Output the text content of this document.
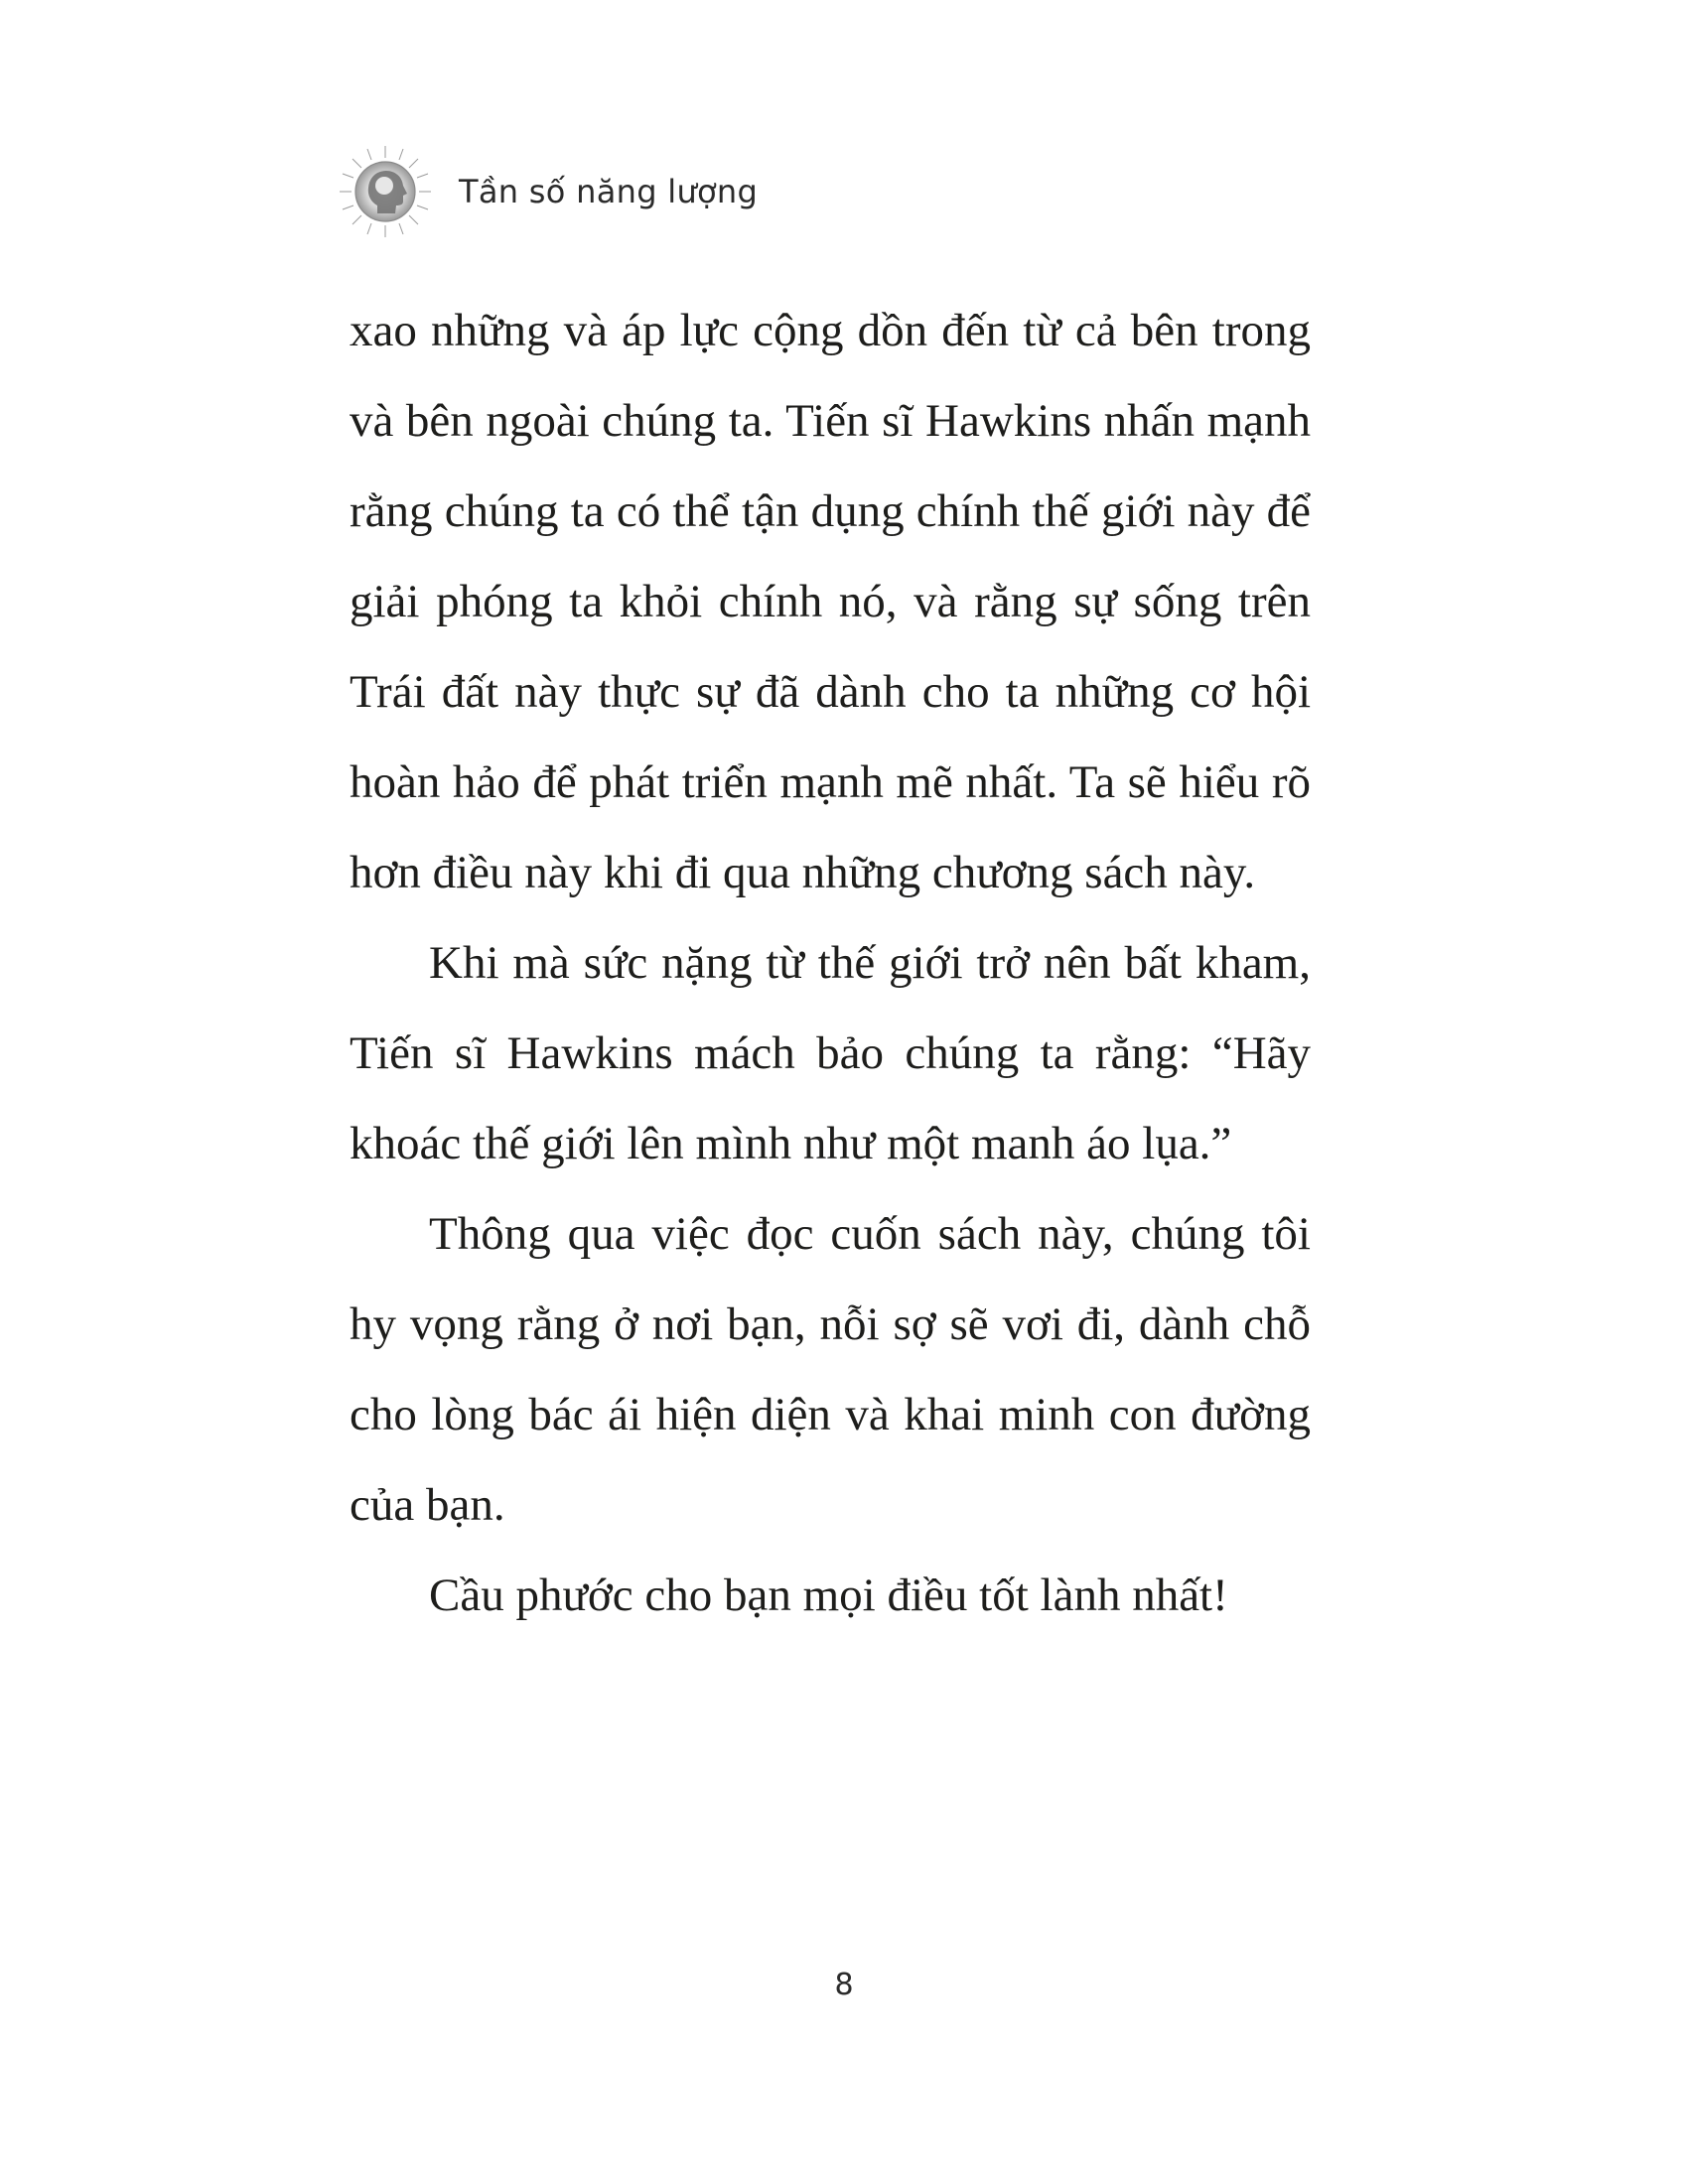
Tần số năng lượng

xao những và áp lực cộng dồn đến từ cả bên trong và bên ngoài chúng ta. Tiến sĩ Hawkins nhấn mạnh rằng chúng ta có thể tận dụng chính thế giới này để giải phóng ta khỏi chính nó, và rằng sự sống trên Trái đất này thực sự đã dành cho ta những cơ hội hoàn hảo để phát triển mạnh mẽ nhất. Ta sẽ hiểu rõ hơn điều này khi đi qua những chương sách này.

Khi mà sức nặng từ thế giới trở nên bất kham, Tiến sĩ Hawkins mách bảo chúng ta rằng: “Hãy khoác thế giới lên mình như một manh áo lụa.”

Thông qua việc đọc cuốn sách này, chúng tôi hy vọng rằng ở nơi bạn, nỗi sợ sẽ vơi đi, dành chỗ cho lòng bác ái hiện diện và khai minh con đường của bạn.

Cầu phước cho bạn mọi điều tốt lành nhất!

8
